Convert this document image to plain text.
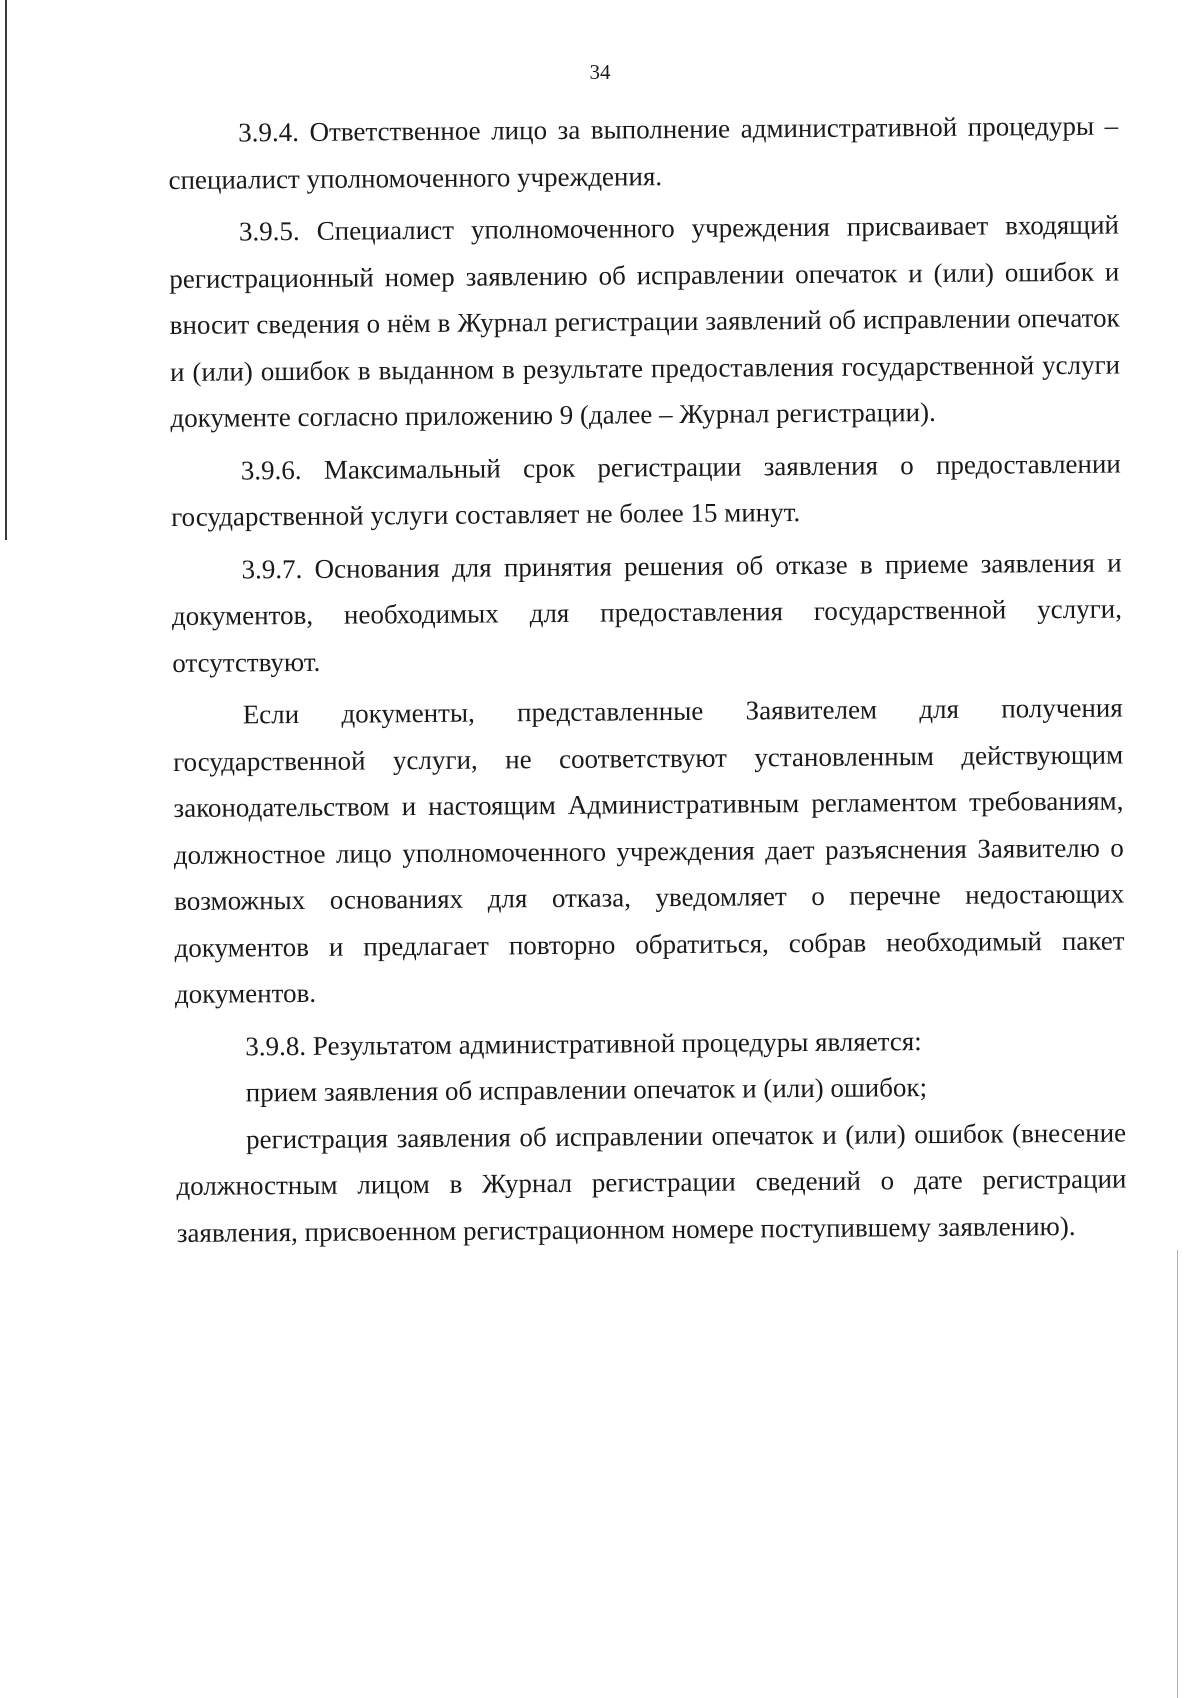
34

3.9.4. Ответственное лицо за выполнение административной процедуры – специалист уполномоченного учреждения.

3.9.5. Специалист уполномоченного учреждения присваивает входящий регистрационный номер заявлению об исправлении опечаток и (или) ошибок и вносит сведения о нём в Журнал регистрации заявлений об исправлении опечаток и (или) ошибок в выданном в результате предоставления государственной услуги документе согласно приложению 9 (далее – Журнал регистрации).

3.9.6. Максимальный срок регистрации заявления о предоставлении государственной услуги составляет не более 15 минут.

3.9.7. Основания для принятия решения об отказе в приеме заявления и документов, необходимых для предоставления государственной услуги, отсутствуют.

Если документы, представленные Заявителем для получения государственной услуги, не соответствуют установленным действующим законодательством и настоящим Административным регламентом требованиям, должностное лицо уполномоченного учреждения дает разъяснения Заявителю о возможных основаниях для отказа, уведомляет о перечне недостающих документов и предлагает повторно обратиться, собрав необходимый пакет документов.

3.9.8. Результатом административной процедуры является:

прием заявления об исправлении опечаток и (или) ошибок;

регистрация заявления об исправлении опечаток и (или) ошибок (внесение должностным лицом в Журнал регистрации сведений о дате регистрации заявления, присвоенном регистрационном номере поступившему заявлению).
